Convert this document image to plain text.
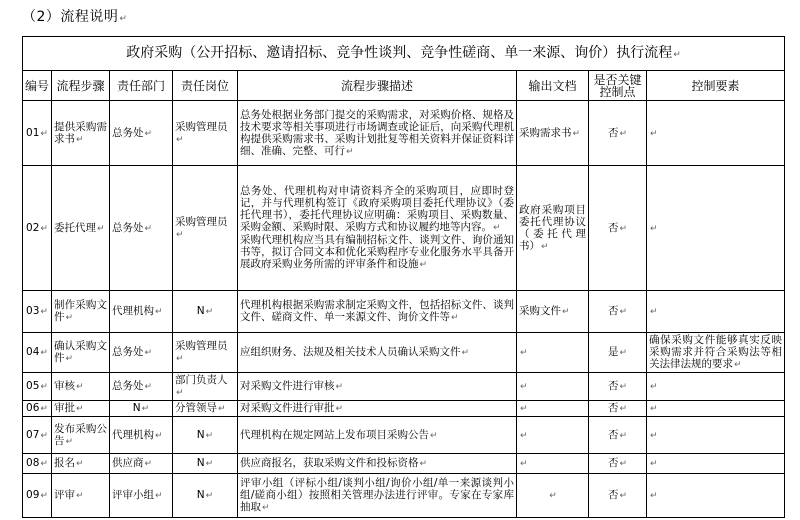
（2）流程说明↵
政府采购（公开招标、邀请招标、竞争性谈判、竞争性磋商、单一来源、询价）执行流程↵							
编号	流程步骤	责任部门	责任岗位	流程步骤描述	输出文档	是否关键控制点	控制要素
01↵	提供采购需求书↵	总务处↵	采购管理员↵	总务处根据业务部门提交的采购需求，对采购价格、规格及技术要求等相关事项进行市场调查或论证后，向采购代理机构提供采购需求书、采购计划批复等相关资料并保证资料详细、准确、完整、可行↵	采购需求书↵	否↵	↵
02↵	委托代理↵	总务处↵	采购管理员↵	总务处、代理机构对申请资料齐全的采购项目，应即时登记，并与代理机构签订《政府采购项目委托代理协议》（委托代理书），委托代理协议应明确：采购项目、采购数量、采购金额、采购时限、采购方式和协议履约地等内容。↵
采购代理机构应当具有编制招标文件、谈判文件、询价通知书等，拟订合同文本和优化采购程序专业化服务水平具备开展政府采购业务所需的评审条件和设施↵	政府采购项目委托代理协议（委托代理书）↵	否↵	↵
03↵	制作采购文件↵	代理机构↵	N↵	代理机构根据采购需求制定采购文件，包括招标文件、谈判文件、磋商文件、单一来源文件、询价文件等↵	采购文件↵	否↵	↵
04↵	确认采购文件↵	总务处↵	采购管理员↵	应组织财务、法规及相关技术人员确认采购文件↵	↵	是↵	确保采购文件能够真实反映采购需求并符合采购法等相关法律法规的要求↵
05↵	审核↵	总务处↵	部门负责人↵	对采购文件进行审核↵	↵	否↵	↵
06↵	审批↵	N↵	分管领导↵	对采购文件进行审批↵	↵	否↵	↵
07↵	发布采购公告↵	代理机构↵	N↵	代理机构在规定网站上发布项目采购公告↵	↵	否↵	↵
08↵	报名↵	供应商↵	N↵	供应商报名，获取采购文件和投标资格↵	↵	否↵	↵
09↵	评审↵	评审小组↵	N↵	评审小组（评标小组/谈判小组/询价小组/单一来源谈判小组/磋商小组）按照相关管理办法进行评审。专家在专家库抽取↵	↵	否↵	↵
